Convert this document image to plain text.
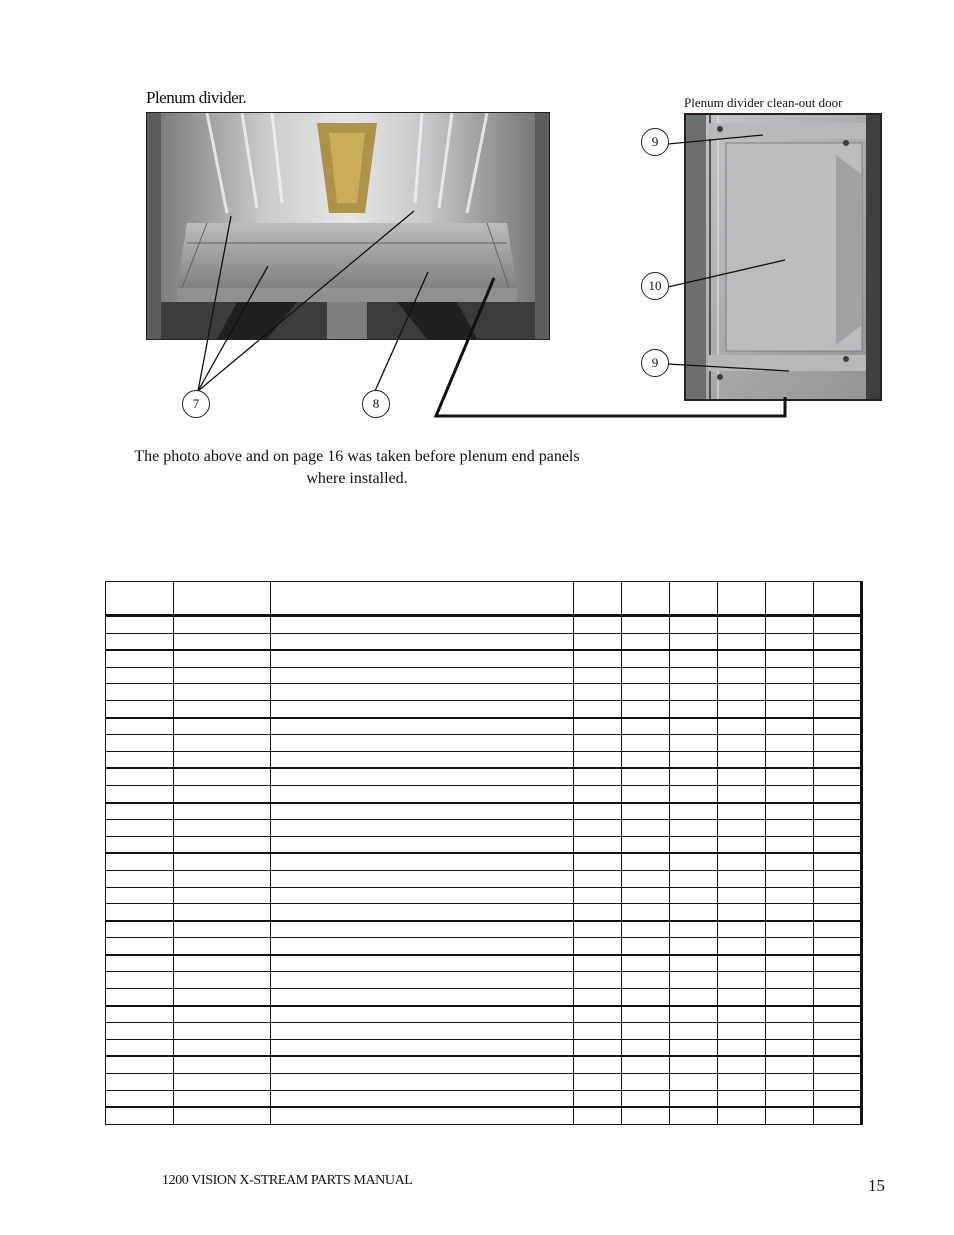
Plenum divider.	Plenum divider clean-out door
7	8
9
10
9
The photo above and on page 16 was taken before plenum end panels
where installed.

1200 VISION X-STREAM PARTS MANUAL	15
